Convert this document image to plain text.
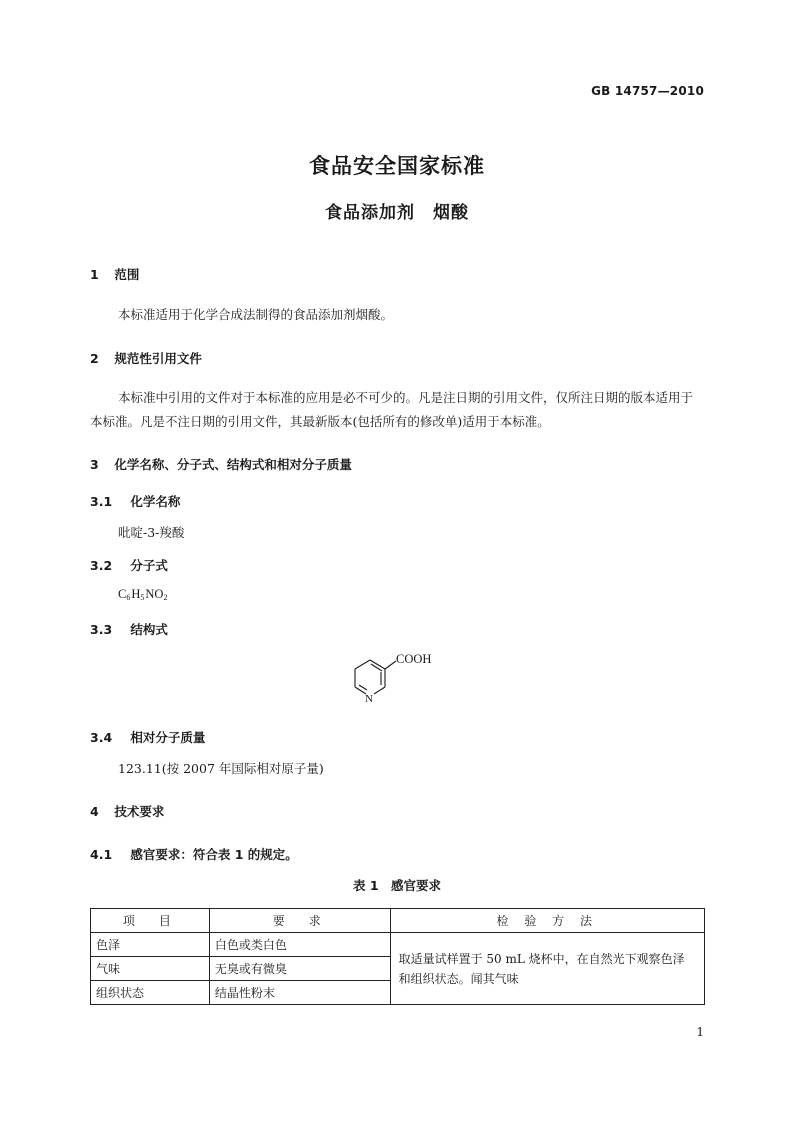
GB 14757—2010
食品安全国家标准
食品添加剂　烟酸
1 范围
本标准适用于化学合成法制得的食品添加剂烟酸。
2 规范性引用文件
本标准中引用的文件对于本标准的应用是必不可少的。凡是注日期的引用文件，仅所注日期的版本适用于本标准。凡是不注日期的引用文件，其最新版本(包括所有的修改单)适用于本标准。
3 化学名称、分子式、结构式和相对分子质量
3.1 化学名称
吡啶-3-羧酸
3.2 分子式
$C_6H_5NO_2$
3.3 结构式
COOH
N
3.4 相对分子质量
123.11(按 2007 年国际相对原子量)
4 技术要求
4.1 感官要求：符合表 1 的规定。
表 1　感官要求
项　目	要　求	检 验 方 法
色泽	白色或类白色	取适量试样置于 50 mL 烧杯中，在自然光下观察色泽和组织状态。闻其气味
气味	无臭或有微臭	
组织状态	结晶性粉末	
1
